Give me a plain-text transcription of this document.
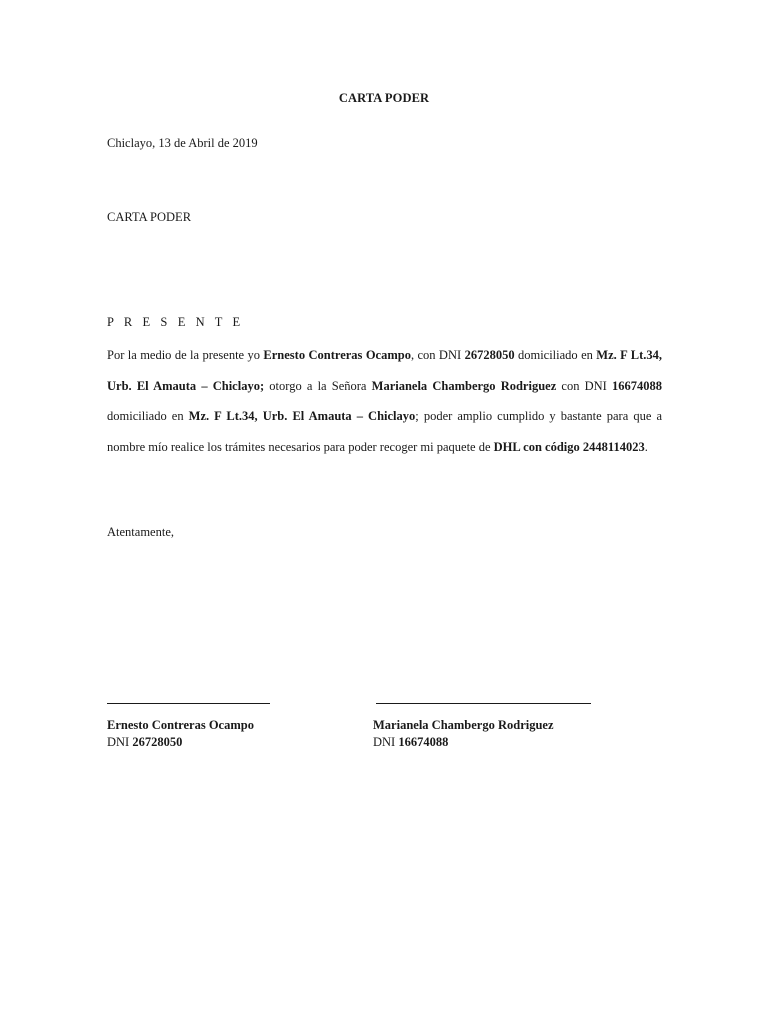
CARTA PODER
Chiclayo, 13 de Abril de 2019
CARTA PODER
P R E S E N T E
Por la medio de la presente yo Ernesto Contreras Ocampo, con DNI 26728050 domiciliado en Mz. F Lt.34, Urb. El Amauta – Chiclayo; otorgo a la Señora Marianela Chambergo Rodriguez con DNI 16674088 domiciliado en Mz. F Lt.34, Urb. El Amauta – Chiclayo; poder amplio cumplido y bastante para que a nombre mío realice los trámites necesarios para poder recoger mi paquete de DHL con código 2448114023.
Atentamente,
Ernesto Contreras Ocampo
DNI 26728050
Marianela Chambergo Rodriguez
DNI 16674088
